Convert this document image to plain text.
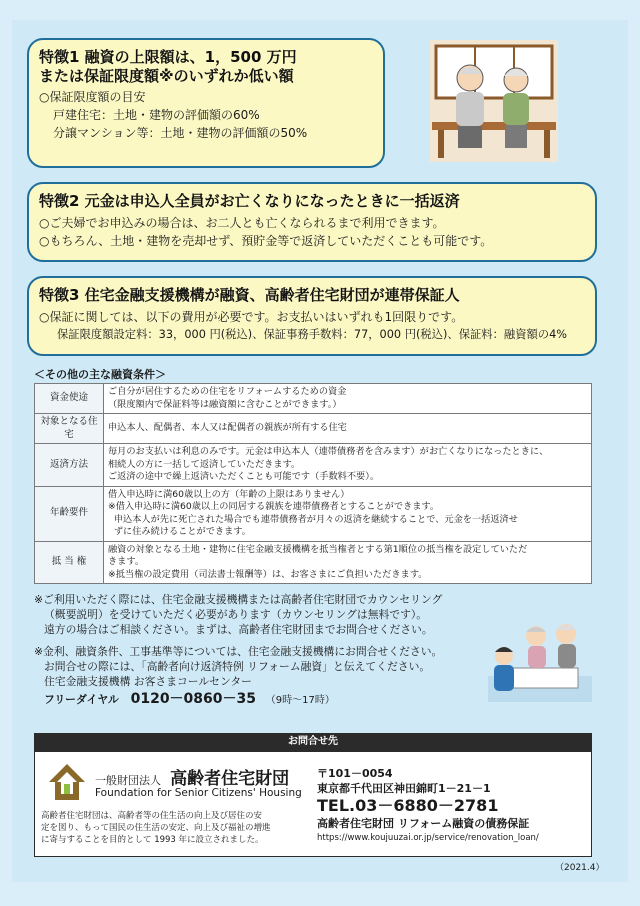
特徴1 融資の上限額は、1，500 万円
または保証限度額※のいずれか低い額
○保証限度額の目安
戸建住宅：土地・建物の評価額の60%
分譲マンション等：土地・建物の評価額の50%
特徴2 元金は申込人全員がお亡くなりになったときに一括返済
○ご夫婦でお申込みの場合は、お二人とも亡くなられるまで利用できます。
○もちろん、土地・建物を売却せず、預貯金等で返済していただくことも可能です。
特徴3 住宅金融支援機構が融資、高齢者住宅財団が連帯保証人
○保証に関しては、以下の費用が必要です。お支払いはいずれも1回限りです。
保証限度額設定料：33，000 円(税込)、保証事務手数料：77，000 円(税込)、保証料：融資額の4%
＜その他の主な融資条件＞
資金使途	ご自分が居住するための住宅をリフォームするための資金
（限度額内で保証料等は融資額に含むことができます。）

対象となる住宅	申込本人、配偶者、本人又は配偶者の親族が所有する住宅

返済方法	毎月のお支払いは利息のみです。元金は申込本人（連帯債務者を含みます）がお亡くなりになったときに、
相続人の方に一括して返済していただきます。
ご返済の途中で繰上返済いただくことも可能です（手数料不要）。

年齢要件	借入申込時に満60歳以上の方（年齢の上限はありません）
※借入申込時に満60歳以上の同居する親族を連帯債務者とすることができます。
申込本人が先に死亡された場合でも連帯債務者が月々の返済を継続することで、元金を一括返済せ
ずに住み続けることができます。

抵 当 権	融資の対象となる土地・建物に住宅金融支援機構を抵当権者とする第1順位の抵当権を設定していただ
きます。
※抵当権の設定費用（司法書士報酬等）は、お客さまにご負担いただきます。
※ご利用いただく際には、住宅金融支援機構または高齢者住宅財団でカウンセリング
（概要説明）を受けていただく必要があります（カウンセリングは無料です）。
遠方の場合はご相談ください。まずは、高齢者住宅財団までお問合せください。
※金利、融資条件、工事基準等については、住宅金融支援機構にお問合せください。
お問合せの際には、「高齢者向け返済特例 リフォーム融資」と伝えてください。
住宅金融支援機構 お客さまコールセンター
フリーダイヤル 0120－0860－35 （9時～17時）
お問合せ先
一般財団法人 高齢者住宅財団
Foundation for Senior Citizens' Housing
高齢者住宅財団は、高齢者等の住生活の向上及び居住の安
定を図り、もって国民の住生活の安定、向上及び福祉の増進
に寄与することを目的として 1993 年に設立されました。
〒101－0054
東京都千代田区神田錦町1－21－1
TEL.03－6880－2781
高齢者住宅財団 リフォーム融資の債務保証
https://www.koujuuzai.or.jp/service/renovation_loan/
（2021.4）
